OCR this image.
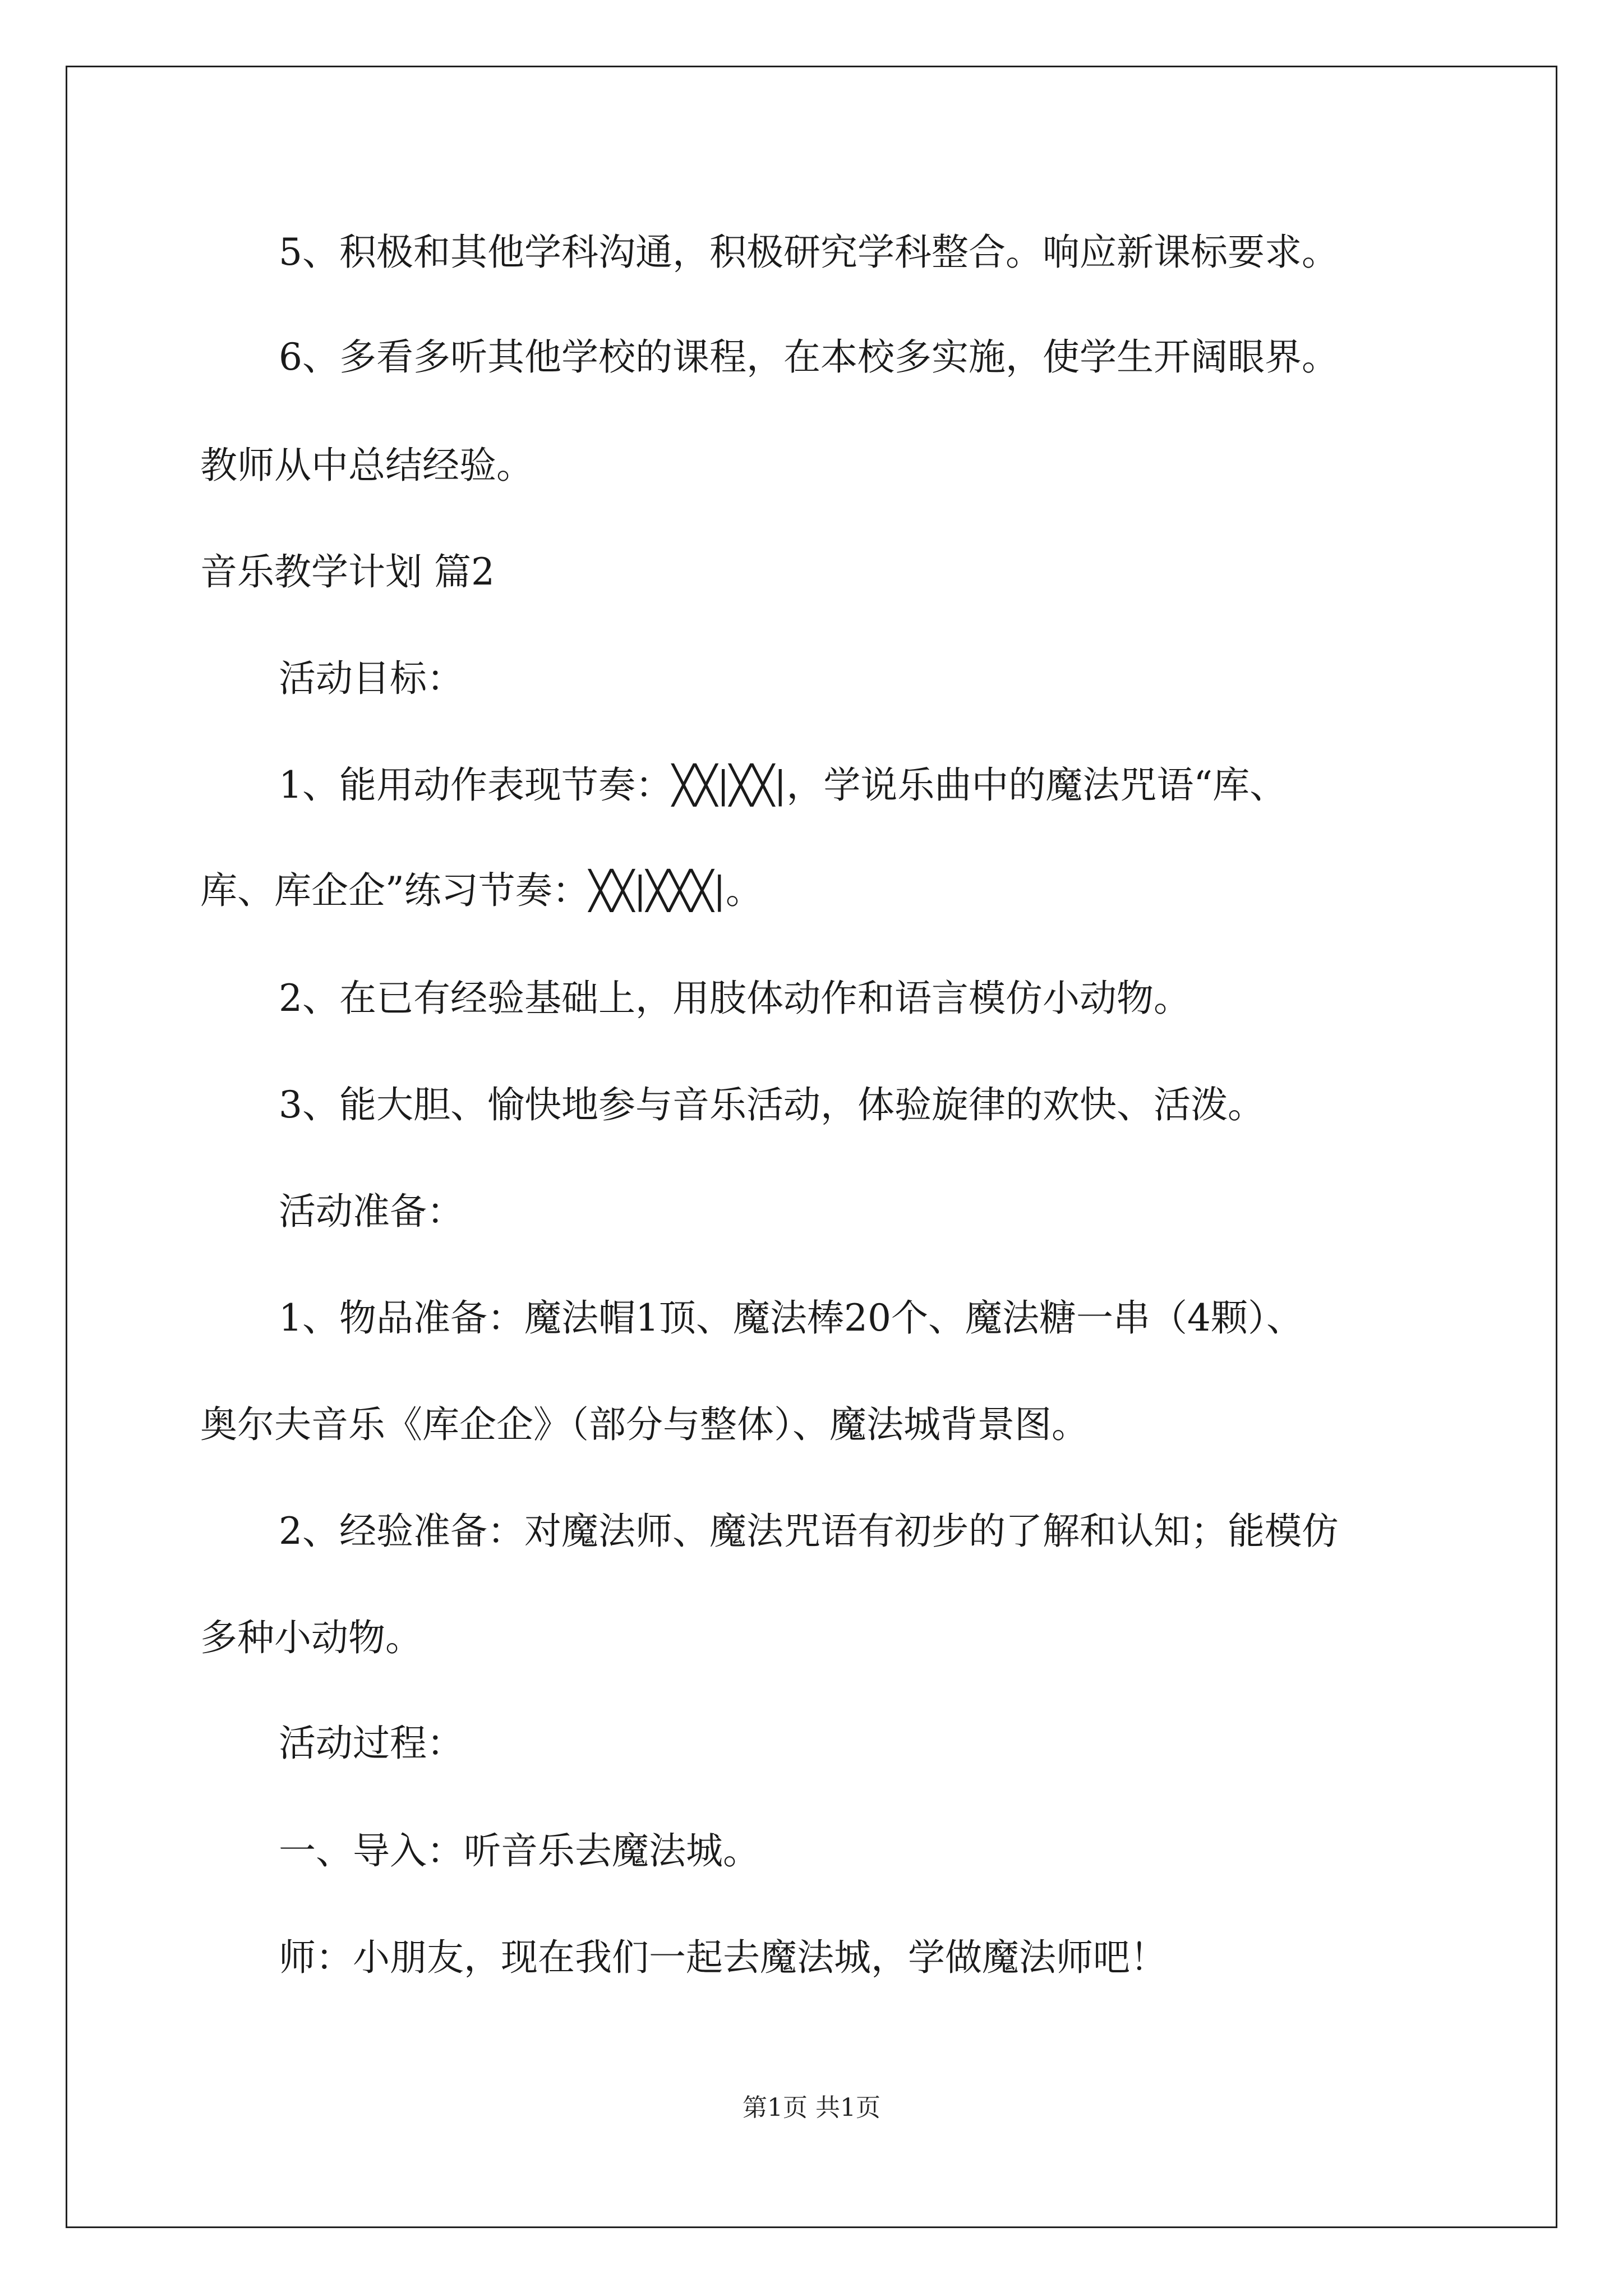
5、积极和其他学科沟通，积极研究学科整合。响应新课标要求。
6、多看多听其他学校的课程，在本校多实施，使学生开阔眼界。
教师从中总结经验。
音乐教学计划 篇2
活动目标：
1、能用动作表现节奏：╳╳|╳╳|，学说乐曲中的魔法咒语“库、
库、库企企”练习节奏：╳╳|╳╳╳|。
2、在已有经验基础上，用肢体动作和语言模仿小动物。
3、能大胆、愉快地参与音乐活动，体验旋律的欢快、活泼。
活动准备：
1、物品准备：魔法帽1顶、魔法棒20个、魔法糖一串（4颗）、
奥尔夫音乐《库企企》（部分与整体）、魔法城背景图。
2、经验准备：对魔法师、魔法咒语有初步的了解和认知；能模仿
多种小动物。
活动过程：
一、导入：听音乐去魔法城。
师：小朋友，现在我们一起去魔法城，学做魔法师吧！
第1页 共1页
